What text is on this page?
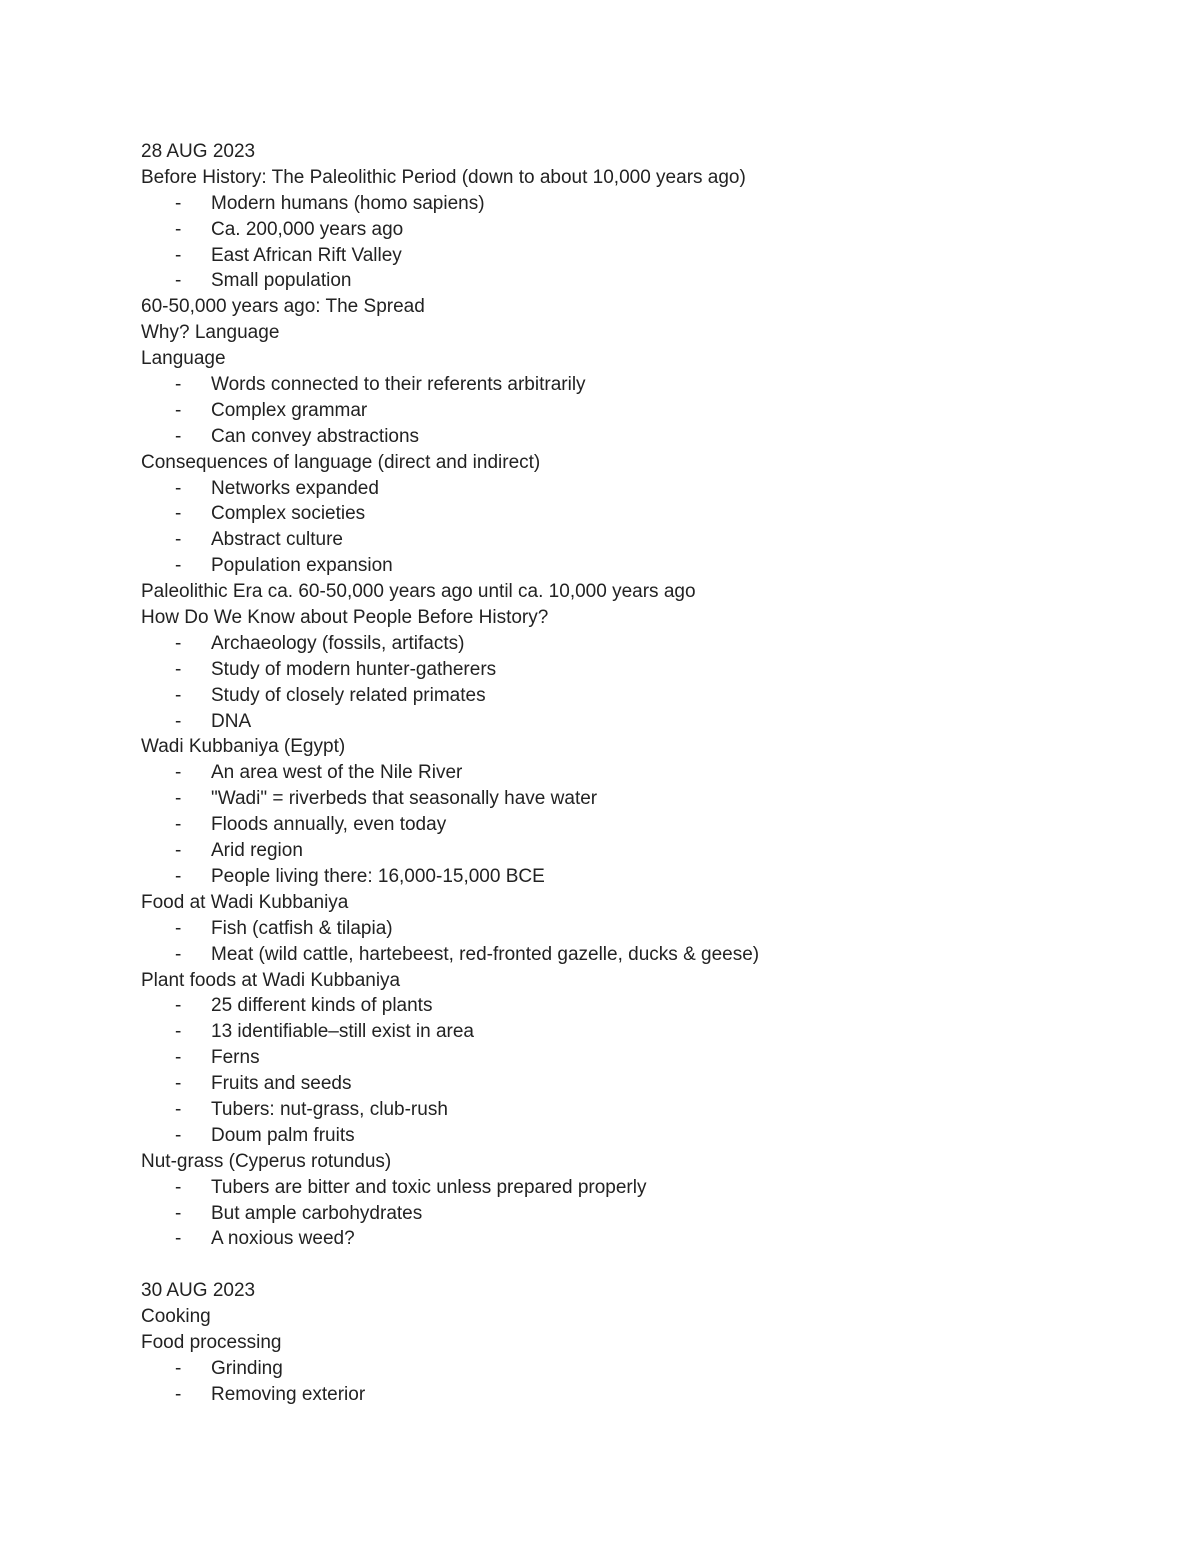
28 AUG 2023
Before History: The Paleolithic Period (down to about 10,000 years ago)
- Modern humans (homo sapiens)
- Ca. 200,000 years ago
- East African Rift Valley
- Small population
60-50,000 years ago: The Spread
Why? Language
Language
- Words connected to their referents arbitrarily
- Complex grammar
- Can convey abstractions
Consequences of language (direct and indirect)
- Networks expanded
- Complex societies
- Abstract culture
- Population expansion
Paleolithic Era ca. 60-50,000 years ago until ca. 10,000 years ago
How Do We Know about People Before History?
- Archaeology (fossils, artifacts)
- Study of modern hunter-gatherers
- Study of closely related primates
- DNA
Wadi Kubbaniya (Egypt)
- An area west of the Nile River
- "Wadi" = riverbeds that seasonally have water
- Floods annually, even today
- Arid region
- People living there: 16,000-15,000 BCE
Food at Wadi Kubbaniya
- Fish (catfish & tilapia)
- Meat (wild cattle, hartebeest, red-fronted gazelle, ducks & geese)
Plant foods at Wadi Kubbaniya
- 25 different kinds of plants
- 13 identifiable–still exist in area
- Ferns
- Fruits and seeds
- Tubers: nut-grass, club-rush
- Doum palm fruits
Nut-grass (Cyperus rotundus)
- Tubers are bitter and toxic unless prepared properly
- But ample carbohydrates
- A noxious weed?
30 AUG 2023
Cooking
Food processing
- Grinding
- Removing exterior
